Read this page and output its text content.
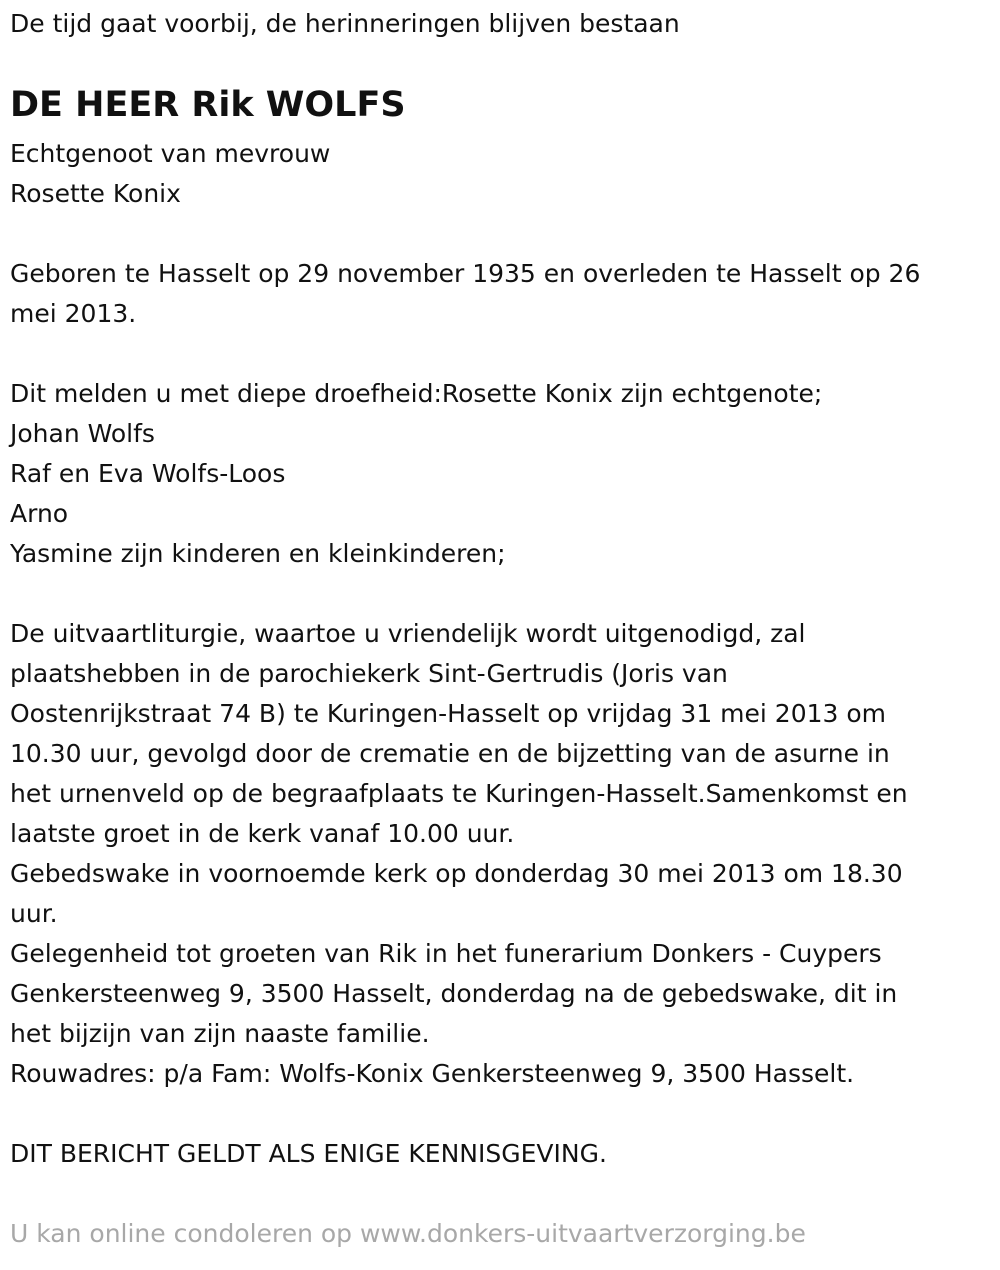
De tijd gaat voorbij, de herinneringen blijven bestaan

DE HEER Rik WOLFS

Echtgenoot van mevrouw

Rosette Konix

Geboren te Hasselt op 29 november 1935 en overleden te Hasselt op 26

mei 2013.

Dit melden u met diepe droefheid:Rosette Konix zijn echtgenote;

Johan Wolfs

Raf en Eva Wolfs-Loos

Arno

Yasmine zijn kinderen en kleinkinderen;

De uitvaartliturgie, waartoe u vriendelijk wordt uitgenodigd, zal

plaatshebben in de parochiekerk Sint-Gertrudis (Joris van

Oostenrijkstraat 74 B) te Kuringen-Hasselt op vrijdag 31 mei 2013 om

10.30 uur, gevolgd door de crematie en de bijzetting van de asurne in

het urnenveld op de begraafplaats te Kuringen-Hasselt.Samenkomst en

laatste groet in de kerk vanaf 10.00 uur.

Gebedswake in voornoemde kerk op donderdag 30 mei 2013 om 18.30

uur.

Gelegenheid tot groeten van Rik in het funerarium Donkers - Cuypers

Genkersteenweg 9, 3500 Hasselt, donderdag na de gebedswake, dit in

het bijzijn van zijn naaste familie.

Rouwadres: p/a Fam: Wolfs-Konix Genkersteenweg 9, 3500 Hasselt.

DIT BERICHT GELDT ALS ENIGE KENNISGEVING.

U kan online condoleren op www.donkers-uitvaartverzorging.be
